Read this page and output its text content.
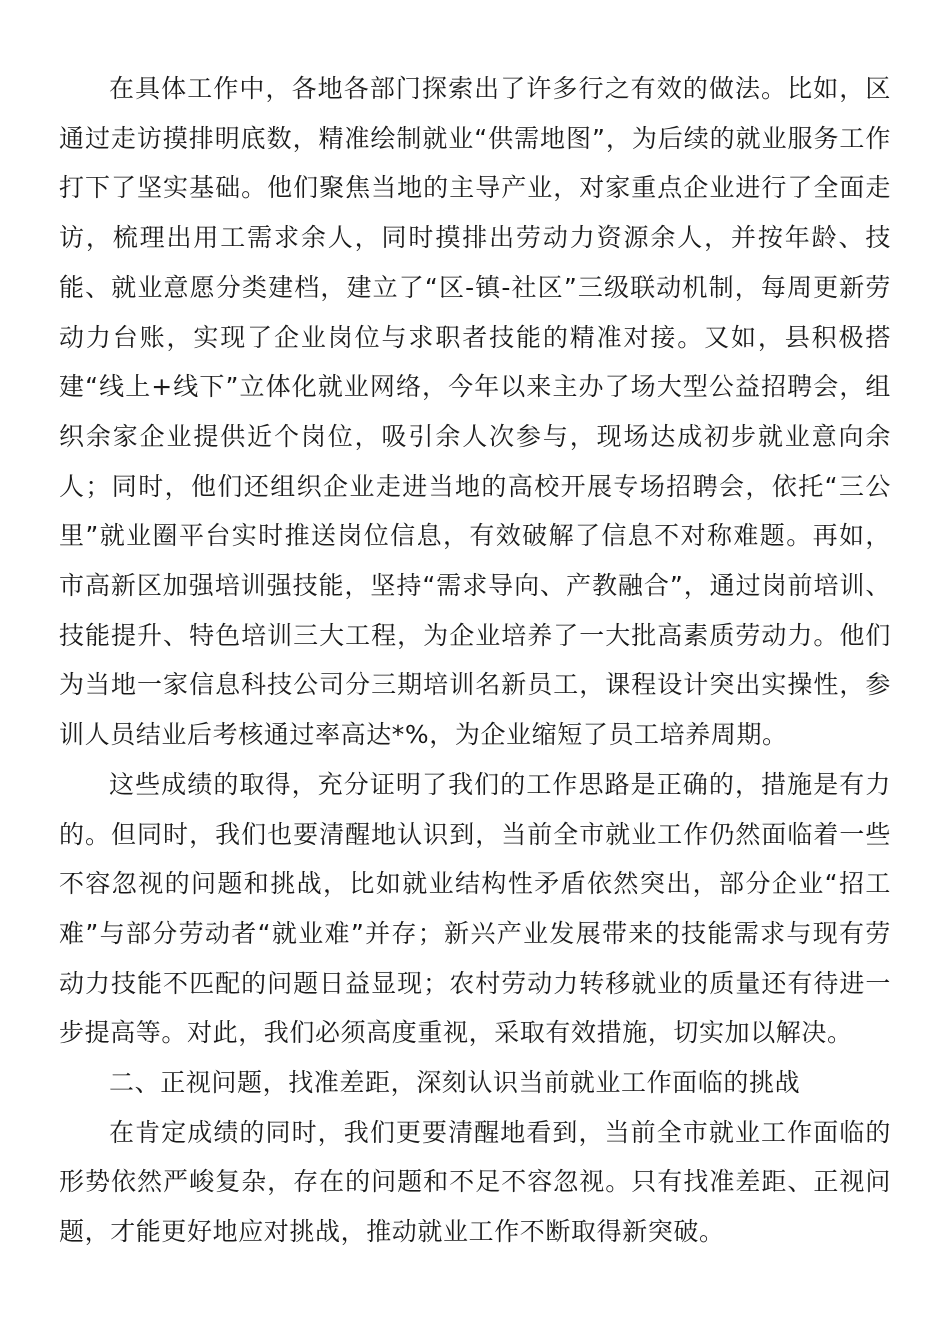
在具体工作中，各地各部门探索出了许多行之有效的做法。比如，区通过走访摸排明底数，精准绘制就业“供需地图”，为后续的就业服务工作打下了坚实基础。他们聚焦当地的主导产业，对家重点企业进行了全面走访，梳理出用工需求余人，同时摸排出劳动力资源余人，并按年龄、技能、就业意愿分类建档，建立了“区-镇-社区”三级联动机制，每周更新劳动力台账，实现了企业岗位与求职者技能的精准对接。又如，县积极搭建“线上+线下”立体化就业网络，今年以来主办了场大型公益招聘会，组织余家企业提供近个岗位，吸引余人次参与，现场达成初步就业意向余人；同时，他们还组织企业走进当地的高校开展专场招聘会，依托“三公里”就业圈平台实时推送岗位信息，有效破解了信息不对称难题。再如，市高新区加强培训强技能，坚持“需求导向、产教融合”，通过岗前培训、技能提升、特色培训三大工程，为企业培养了一大批高素质劳动力。他们为当地一家信息科技公司分三期培训名新员工，课程设计突出实操性，参训人员结业后考核通过率高达*%，为企业缩短了员工培养周期。

这些成绩的取得，充分证明了我们的工作思路是正确的，措施是有力的。但同时，我们也要清醒地认识到，当前全市就业工作仍然面临着一些不容忽视的问题和挑战，比如就业结构性矛盾依然突出，部分企业“招工难”与部分劳动者“就业难”并存；新兴产业发展带来的技能需求与现有劳动力技能不匹配的问题日益显现；农村劳动力转移就业的质量还有待进一步提高等。对此，我们必须高度重视，采取有效措施，切实加以解决。

二、正视问题，找准差距，深刻认识当前就业工作面临的挑战

在肯定成绩的同时，我们更要清醒地看到，当前全市就业工作面临的形势依然严峻复杂，存在的问题和不足不容忽视。只有找准差距、正视问题，才能更好地应对挑战，推动就业工作不断取得新突破。
